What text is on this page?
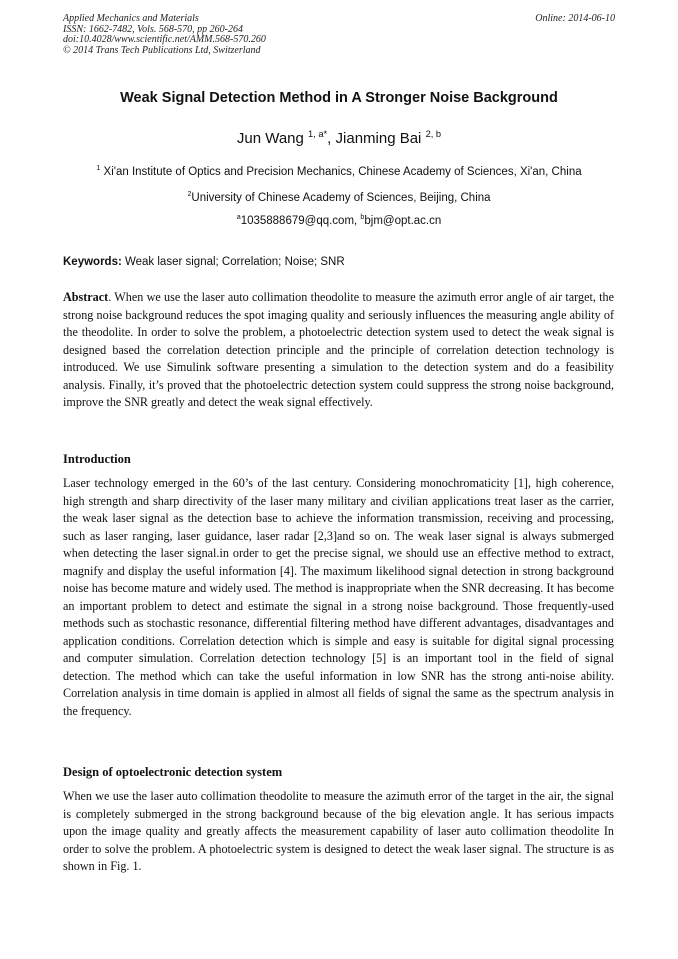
Applied Mechanics and Materials
ISSN: 1662-7482, Vols. 568-570, pp 260-264
doi:10.4028/www.scientific.net/AMM.568-570.260
© 2014 Trans Tech Publications Ltd, Switzerland
Online: 2014-06-10
Weak Signal Detection Method in A Stronger Noise Background
Jun Wang $^{1, a*}$, Jianming Bai $^{2, b}$
$^1$ Xi'an Institute of Optics and Precision Mechanics, Chinese Academy of Sciences, Xi'an, China
$^2$University of Chinese Academy of Sciences, Beijing, China
$^a$1035888679@qq.com, $^b$bjm@opt.ac.cn
Keywords: Weak laser signal; Correlation; Noise; SNR
Abstract. When we use the laser auto collimation theodolite to measure the azimuth error angle of air target, the strong noise background reduces the spot imaging quality and seriously influences the measuring angle ability of the theodolite. In order to solve the problem, a photoelectric detection system used to detect the weak signal is designed based the correlation detection principle and the principle of correlation detection technology is introduced. We use Simulink software presenting a simulation to the detection system and do a feasibility analysis. Finally, it’s proved that the photoelectric detection system could suppress the strong noise background, improve the SNR greatly and detect the weak signal effectively.
Introduction
Laser technology emerged in the 60’s of the last century. Considering monochromaticity [1], high coherence, high strength and sharp directivity of the laser many military and civilian applications treat laser as the carrier, the weak laser signal as the detection base to achieve the information transmission, receiving and processing, such as laser ranging, laser guidance, laser radar [2,3]and so on. The weak laser signal is always submerged when detecting the laser signal.in order to get the precise signal, we should use an effective method to extract, magnify and display the useful information [4]. The maximum likelihood signal detection in strong background noise has become mature and widely used. The method is inappropriate when the SNR decreasing. It has become an important problem to detect and estimate the signal in a strong noise background. Those frequently-used methods such as stochastic resonance, differential filtering method have different advantages, disadvantages and application conditions. Correlation detection which is simple and easy is suitable for digital signal processing and computer simulation. Correlation detection technology [5] is an important tool in the field of signal detection. The method which can take the useful information in low SNR has the strong anti-noise ability. Correlation analysis in time domain is applied in almost all fields of signal the same as the spectrum analysis in the frequency.
Design of optoelectronic detection system
When we use the laser auto collimation theodolite to measure the azimuth error of the target in the air, the signal is completely submerged in the strong background because of the big elevation angle. It has serious impacts upon the image quality and greatly affects the measurement capability of laser auto collimation theodolite In order to solve the problem. A photoelectric system is designed to detect the weak laser signal. The structure is as shown in Fig. 1.
